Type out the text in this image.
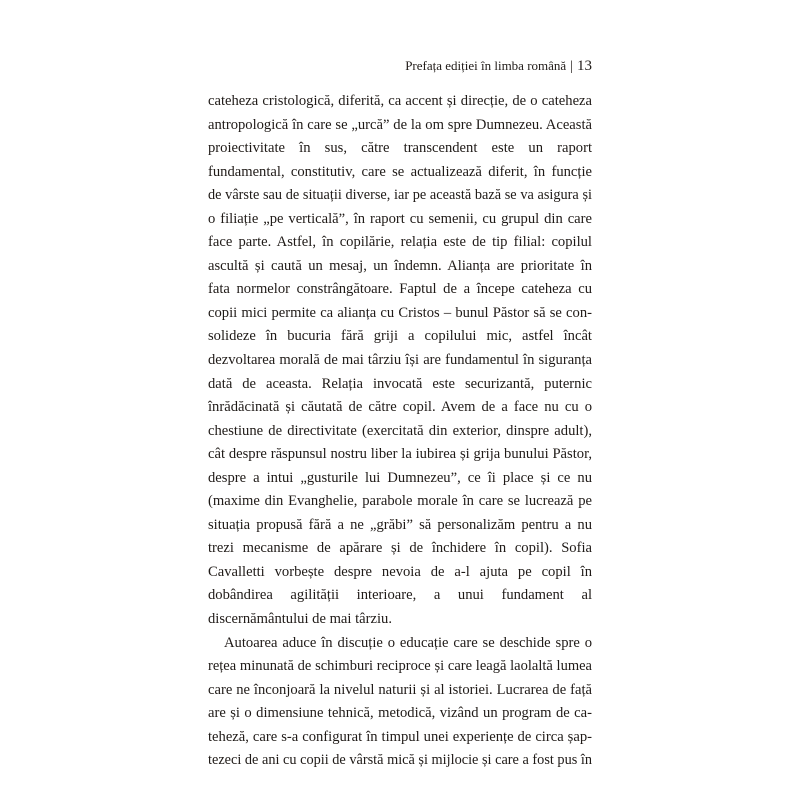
Prefața ediției în limba română | 13
cateheza cristologică, diferită, ca accent și direcție, de o cateheza
antropologică în care se „urcă” de la om spre Dumnezeu. Această
proiectivitate în sus, către transcendent este un raport
fundamental, constitutiv, care se actualizează diferit, în funcție
de vârste sau de situații diverse, iar pe această bază se va asigura și
o filiație „pe verticală”, în raport cu semenii, cu grupul din care
face parte. Astfel, în copilărie, relația este de tip filial: copilul
ascultă și caută un mesaj, un îndemn. Alianța are prioritate în
fata normelor constrângătoare. Faptul de a începe cateheza cu
copii mici permite ca alianța cu Cristos – bunul Păstor să se con-
solideze în bucuria fără griji a copilului mic, astfel încât
dezvoltarea morală de mai târziu își are fundamentul în siguranța
dată de aceasta. Relația invocată este securizantă, puternic
înrădăcinată și căutată de către copil. Avem de a face nu cu o
chestiune de directivitate (exercitată din exterior, dinspre adult),
cât despre răspunsul nostru liber la iubirea și grija bunului Păstor,
despre a intui „gusturile lui Dumnezeu”, ce îi place și ce nu
(maxime din Evanghelie, parabole morale în care se lucrează pe
situația propusă fără a ne „grăbi” să personalizăm pentru a nu
trezi mecanisme de apărare și de închidere în copil). Sofia
Cavalletti vorbește despre nevoia de a-l ajuta pe copil în
dobândirea agilității interioare, a unui fundament al
discernământului de mai târziu.
Autoarea aduce în discuție o educație care se deschide spre o
rețea minunată de schimburi reciproce și care leagă laolaltă lumea
care ne înconjoară la nivelul naturii și al istoriei. Lucrarea de față
are și o dimensiune tehnică, metodică, vizând un program de ca-
teheză, care s-a configurat în timpul unei experiențe de circa șap-
tezeci de ani cu copii de vârstă mică și mijlocie și care a fost pus în
